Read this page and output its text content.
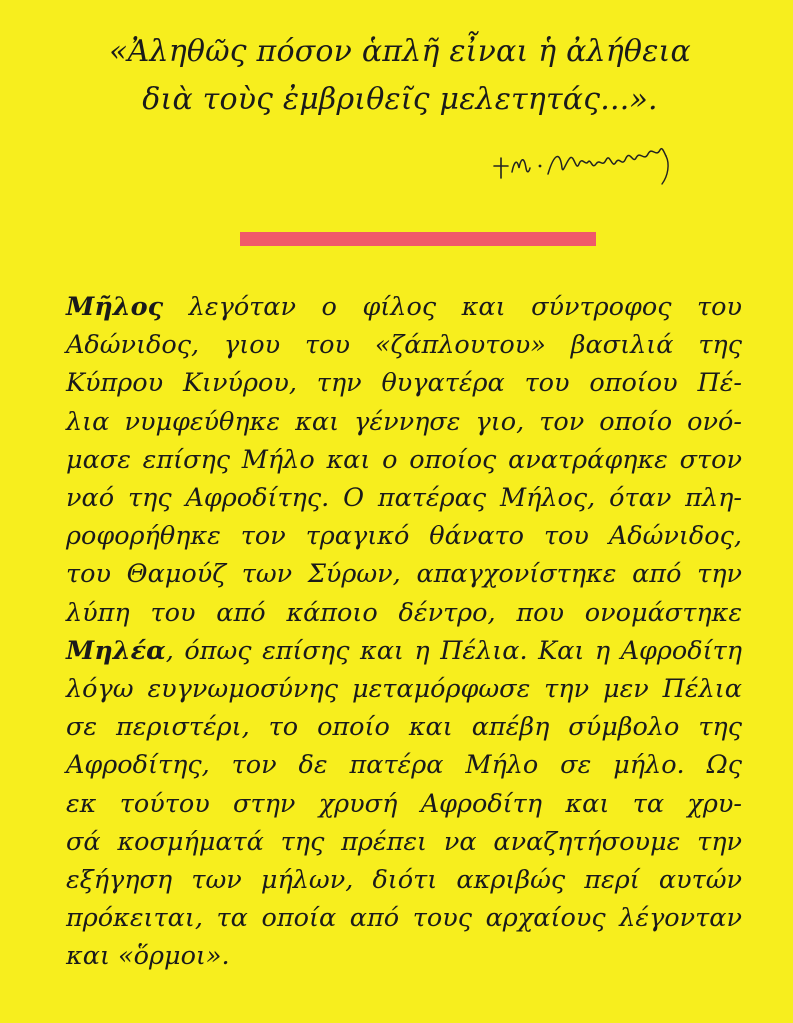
«Ἀληθῶς πόσον ἁπλῆ εἶναι ἡ ἀλήθεια
διὰ τοὺς ἐμβριθεῖς μελετητάς...».
Μῆλος λεγόταν ο φίλος και σύντροφος του
Αδώνιδος, γιου του «ζάπλουτου» βασιλιά της
Κύπρου Κινύρου, την θυγατέρα του οποίου Πέ-
λια νυμφεύθηκε και γέννησε γιο, τον οποίο ονό-
μασε επίσης Μήλο και ο οποίος ανατράφηκε στον
ναό της Αφροδίτης. Ο πατέρας Μήλος, όταν πλη-
ροφορήθηκε τον τραγικό θάνατο του Αδώνιδος,
του Θαμούζ των Σύρων, απαγχονίστηκε από την
λύπη του από κάποιο δέντρο, που ονομάστηκε
Μηλέα, όπως επίσης και η Πέλια. Και η Αφροδίτη
λόγω ευγνωμοσύνης μεταμόρφωσε την μεν Πέλια
σε περιστέρι, το οποίο και απέβη σύμβολο της
Αφροδίτης, τον δε πατέρα Μήλο σε μήλο. Ως
εκ τούτου στην χρυσή Αφροδίτη και τα χρυ-
σά κοσμήματά της πρέπει να αναζητήσουμε την
εξήγηση των μήλων, διότι ακριβώς περί αυτών
πρόκειται, τα οποία από τους αρχαίους λέγονταν
και «ὅρμοι».
